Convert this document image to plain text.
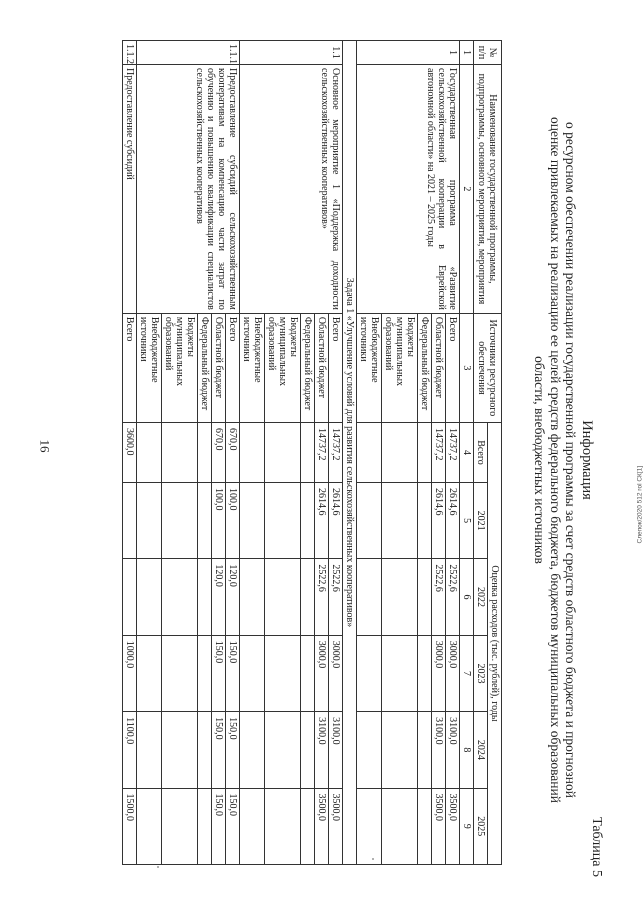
16
Слепок/2020 512 rol СК[1]
Таблица 5
Информация
о ресурсном обеспечении реализации государственной программы за счет средств областного бюджета и прогнозной
оценке привлекаемых на реализацию ее целей средств федерального бюджета, бюджетов муниципальных образований
области, внебюджетных источников
№ п/п	Наименование государственной программы, подпрограммы, основного мероприятия, мероприятия	Источники ресурсного обеспечения	Оценка расходов (тыс. рублей), годы					
			Всего	2021	2022	2023	2024	2025
1	2	3	4	5	6	7	8	9
1	Государственная программа «Развитие сельскохозяйственной кооперации в Еврейской автономной области» на 2021 – 2025 годы	Всего	14737,2	2614,6	2522,6	3000,0	3100,0	3500,0
		Областной бюджет	14737,2	2614,6	2522,6	3000,0	3100,0	3500,0
		Федеральный бюджет						
		Бюджеты муниципальных образований						
		Внебюджетные источники						
Задача 1 «Улучшение условий для развития сельскохозяйственных кооперативов»								
1.1	Основное мероприятие 1 «Поддержка доходности сельскохозяйственных кооперативов»	Всего	14737,2	2614,6	2522,6	3000,0	3100,0	3500,0
		Областной бюджет	14737,2	2614,6	2522,6	3000,0	3100,0	3500,0
		Федеральный бюджет						
		Бюджеты муниципальных образований						
		Внебюджетные источники						
1.1.1	Предоставление субсидий сельскохозяйственным кооперативам на компенсацию части затрат по обучению и повышению квалификации специалистов сельскохозяйственных кооперативов	Всего	670,0	100,0	120,0	150,0	150,0	150,0
		Областной бюджет	670,0	100,0	120,0	150,0	150,0	150,0
		Федеральный бюджет						
		Бюджеты муниципальных образований						
		Внебюджетные источники						
1.1.2	Предоставление субсидий	Всего	3600,0			1000,0	1100,0	1500,0
